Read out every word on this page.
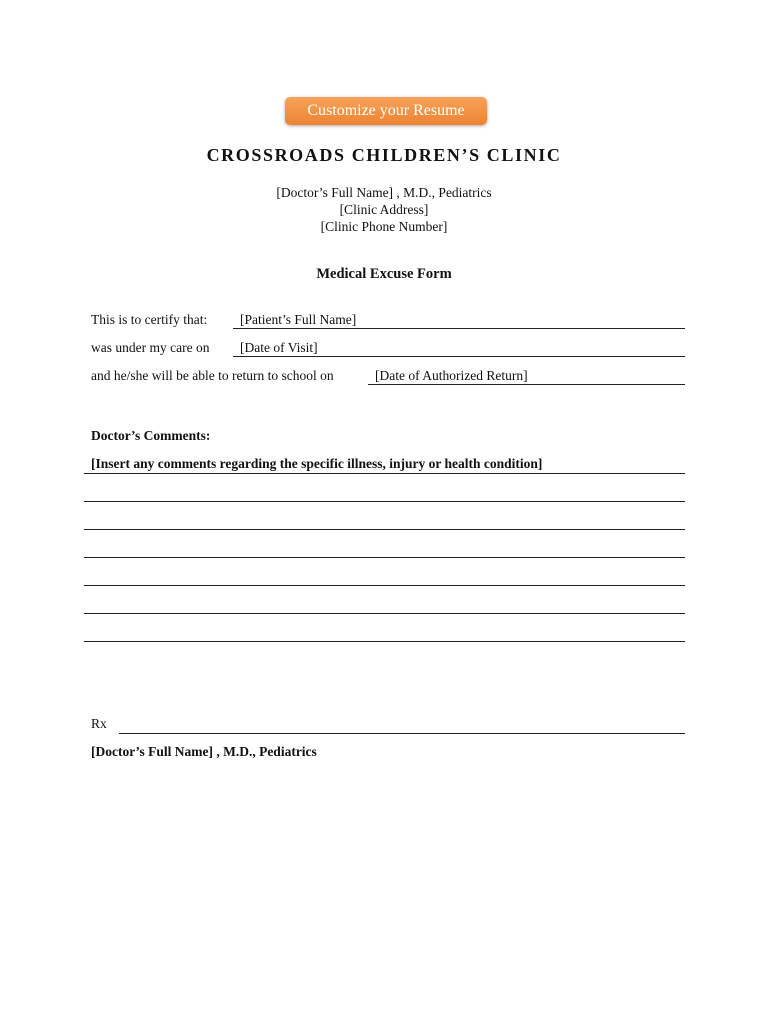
Customize your Resume
CROSSROADS CHILDREN’S CLINIC
[Doctor’s Full Name] , M.D., Pediatrics
[Clinic Address]
[Clinic Phone Number]
Medical Excuse Form
This is to certify that: [Patient’s Full Name]
was under my care on [Date of Visit]
and he/she will be able to return to school on	[Date of Authorized Return]
Doctor’s Comments:
[Insert any comments regarding the specific illness, injury or health condition]
Rx
[Doctor’s Full Name] , M.D., Pediatrics
